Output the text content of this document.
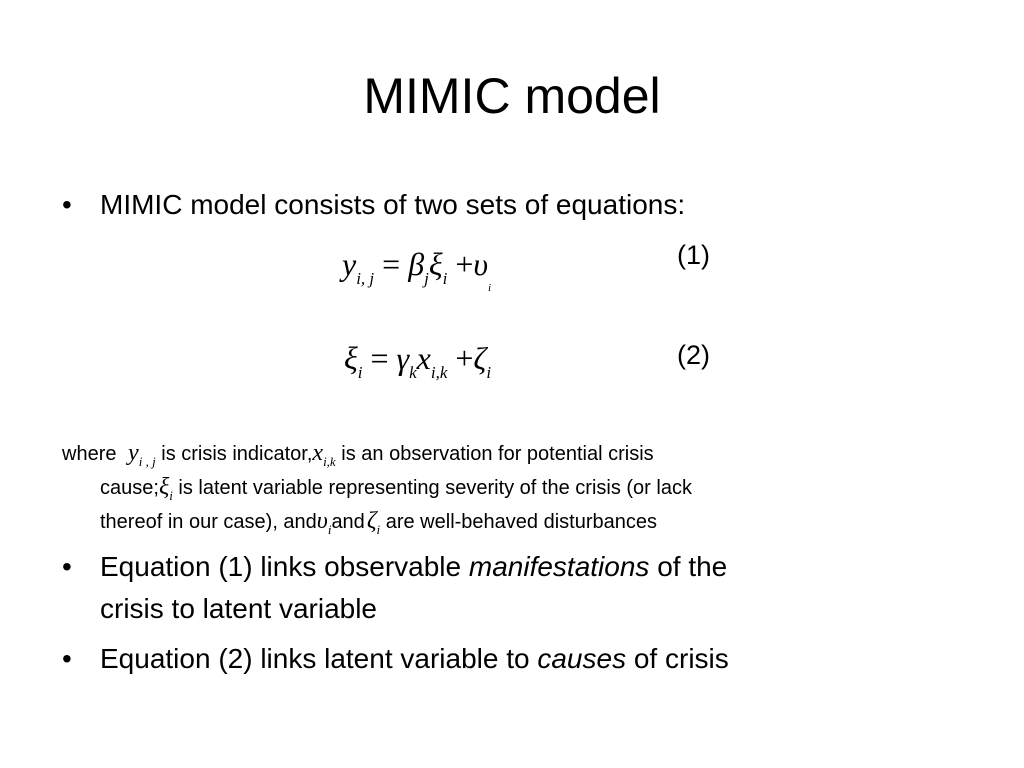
MIMIC model
• MIMIC model consists of two sets of equations:
$y_{i, j} = \beta_j\xi_i +\upsilon_i$
(1)
$\xi_i = \gamma_kx_{i,k} +\zeta_i$
(2)
where $y_{i , j}$ is crisis $indicator,x_{i,k}$ is an observation for potential crisis
$cause;\xi_i$ is latent variable representing severity of the crisis (or lack
thereof in our case), andυ$_i$andζ$_i$ are well-behaved disturbances
• Equation (1) links observable manifestations of the
crisis to latent variable
• Equation (2) links latent variable to causes of crisis
